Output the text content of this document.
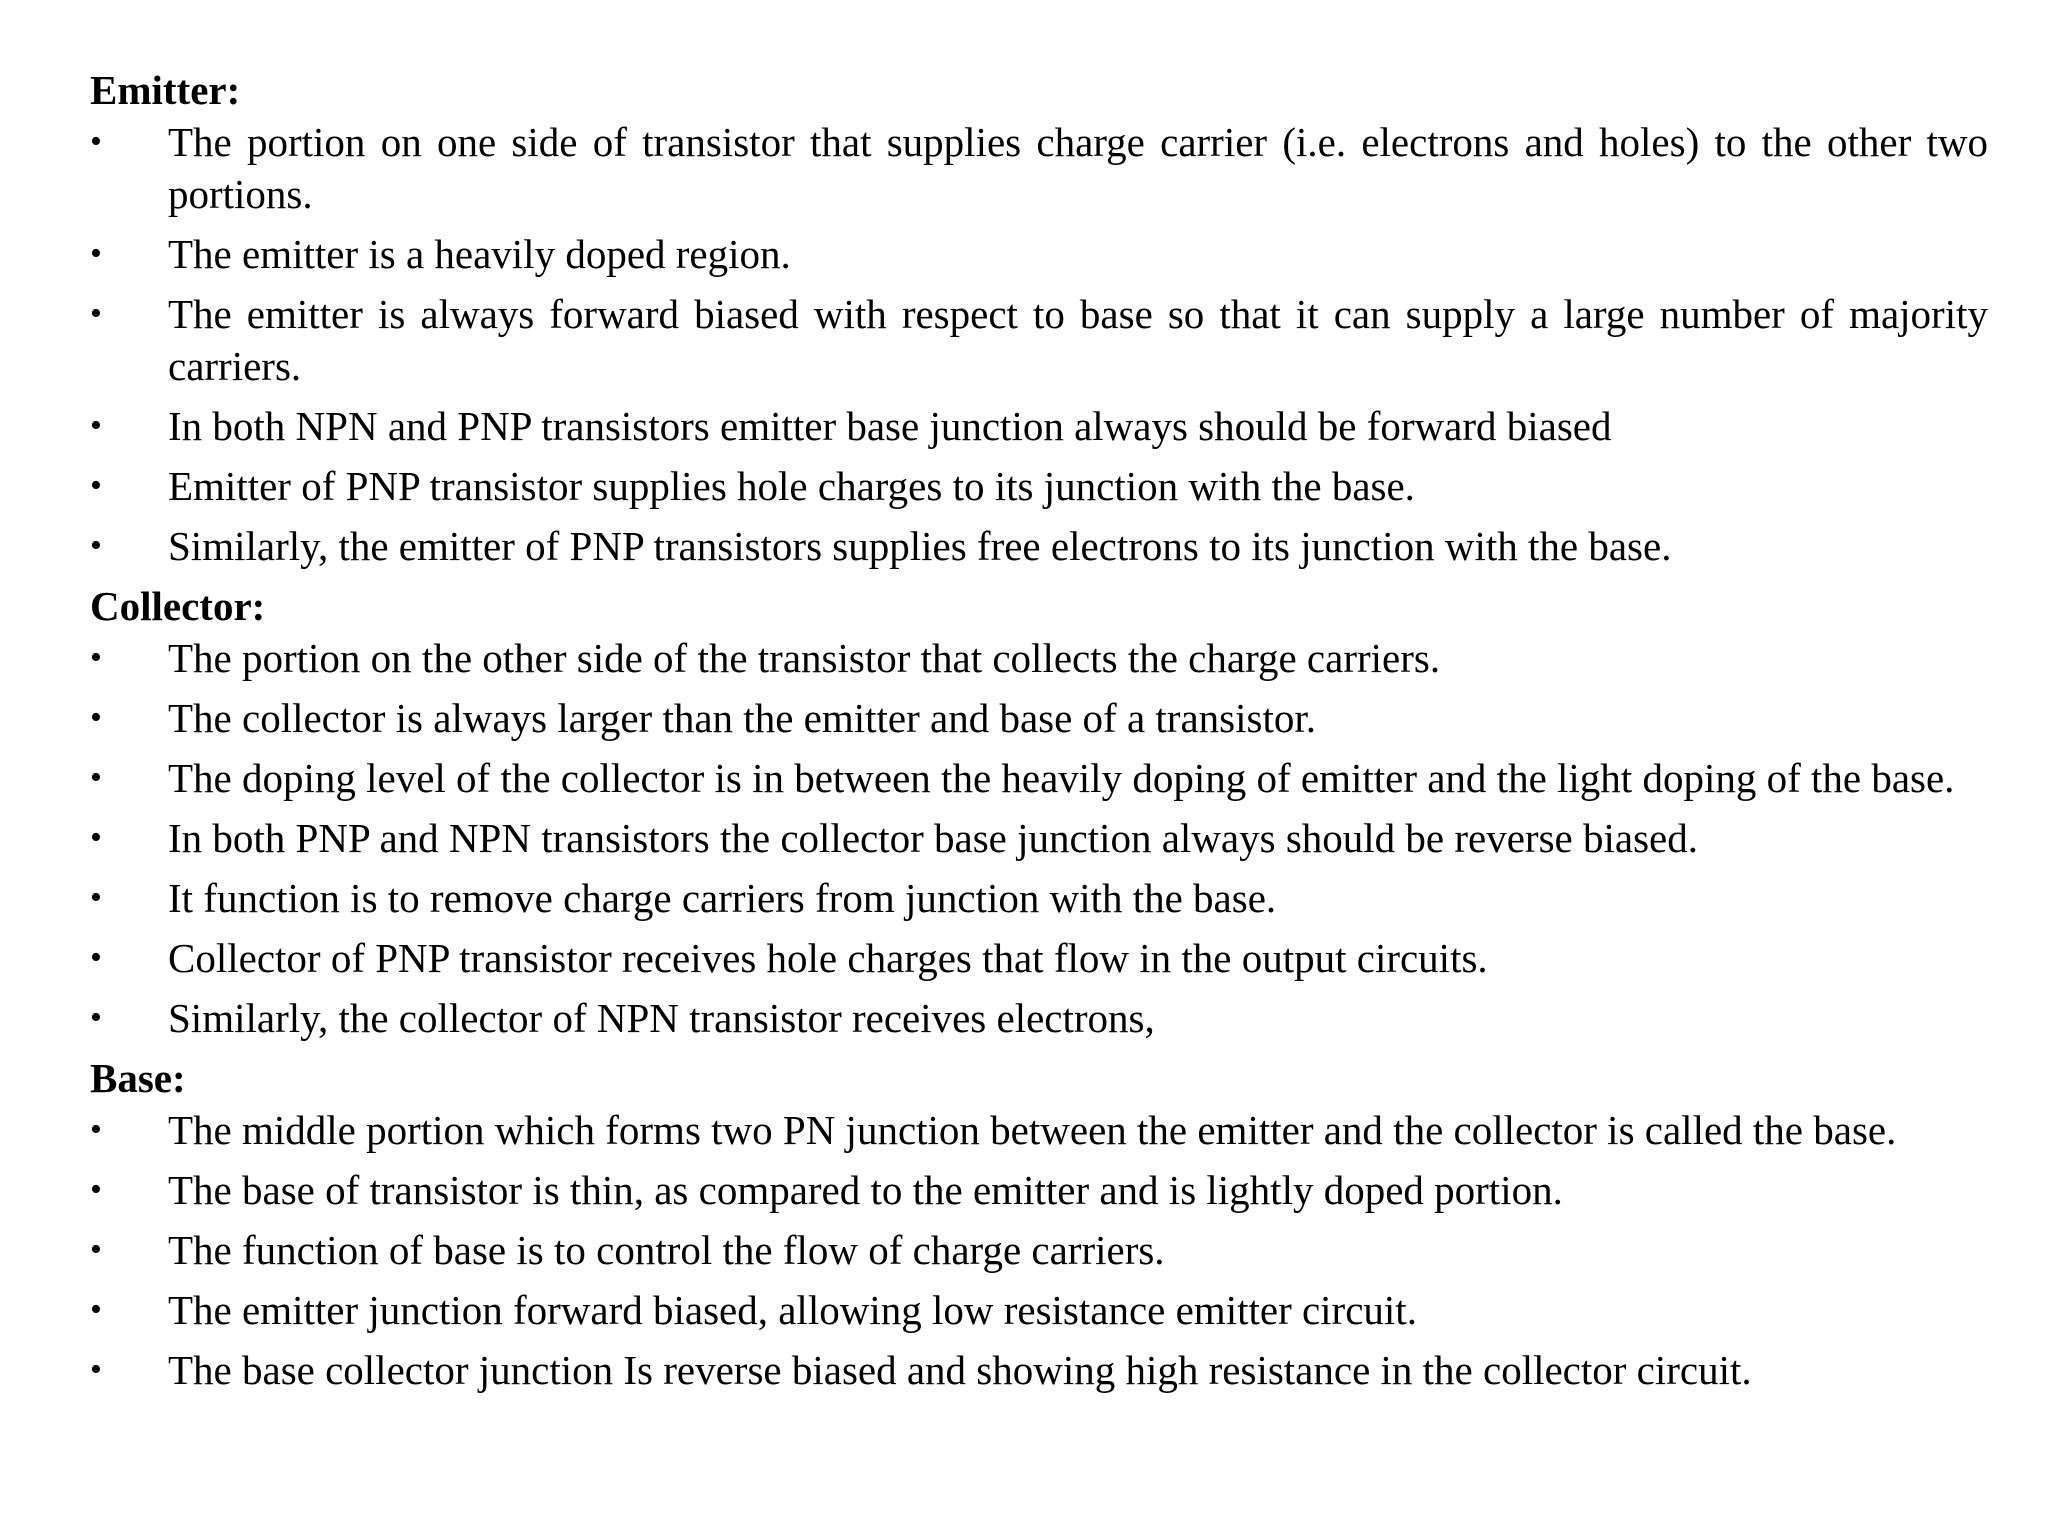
Emitter:
• The portion on one side of transistor that supplies charge carrier (i.e. electrons and holes) to the other two portions.
• The emitter is a heavily doped region.
• The emitter is always forward biased with respect to base so that it can supply a large number of majority carriers.
• In both NPN and PNP transistors emitter base junction always should be forward biased
• Emitter of PNP transistor supplies hole charges to its junction with the base.
• Similarly, the emitter of PNP transistors supplies free electrons to its junction with the base.
Collector:
• The portion on the other side of the transistor that collects the charge carriers.
• The collector is always larger than the emitter and base of a transistor.
• The doping level of the collector is in between the heavily doping of emitter and the light doping of the base.
• In both PNP and NPN transistors the collector base junction always should be reverse biased.
• It function is to remove charge carriers from junction with the base.
• Collector of PNP transistor receives hole charges that flow in the output circuits.
• Similarly, the collector of NPN transistor receives electrons,
Base:
• The middle portion which forms two PN junction between the emitter and the collector is called the base.
• The base of transistor is thin, as compared to the emitter and is lightly doped portion.
• The function of base is to control the flow of charge carriers.
• The emitter junction forward biased, allowing low resistance emitter circuit.
• The base collector junction Is reverse biased and showing high resistance in the collector circuit.
